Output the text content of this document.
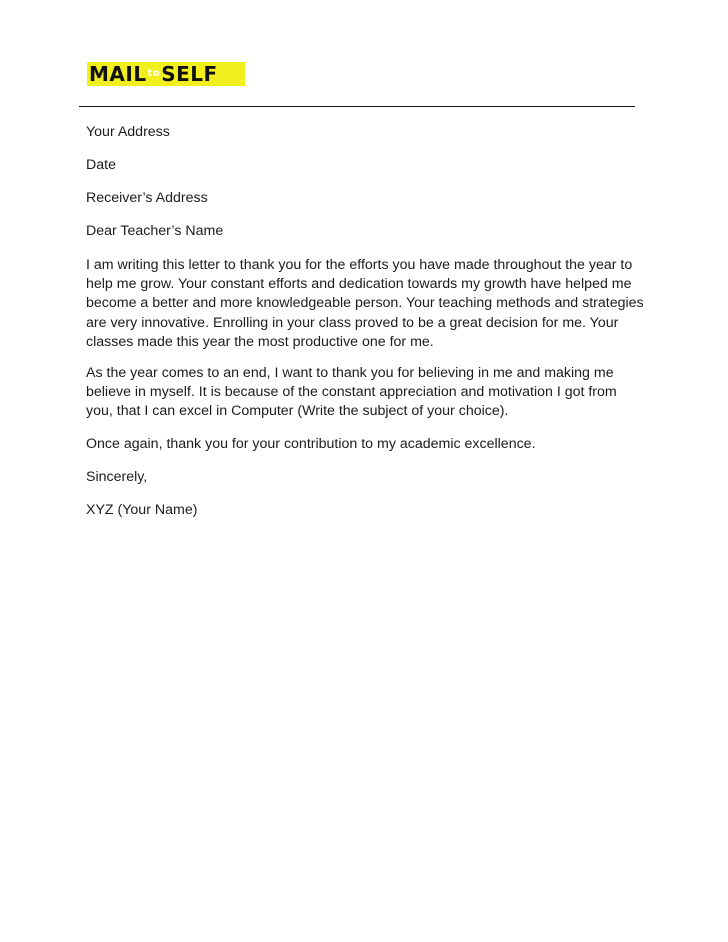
MAIL to SELF
Your Address
Date
Receiver’s Address
Dear Teacher’s Name

I am writing this letter to thank you for the efforts you have made throughout the year to help me grow. Your constant efforts and dedication towards my growth have helped me become a better and more knowledgeable person. Your teaching methods and strategies are very innovative. Enrolling in your class proved to be a great decision for me. Your classes made this year the most productive one for me.

As the year comes to an end, I want to thank you for believing in me and making me believe in myself. It is because of the constant appreciation and motivation I got from you, that I can excel in Computer (Write the subject of your choice).

Once again, thank you for your contribution to my academic excellence.

Sincerely,
XYZ (Your Name)
